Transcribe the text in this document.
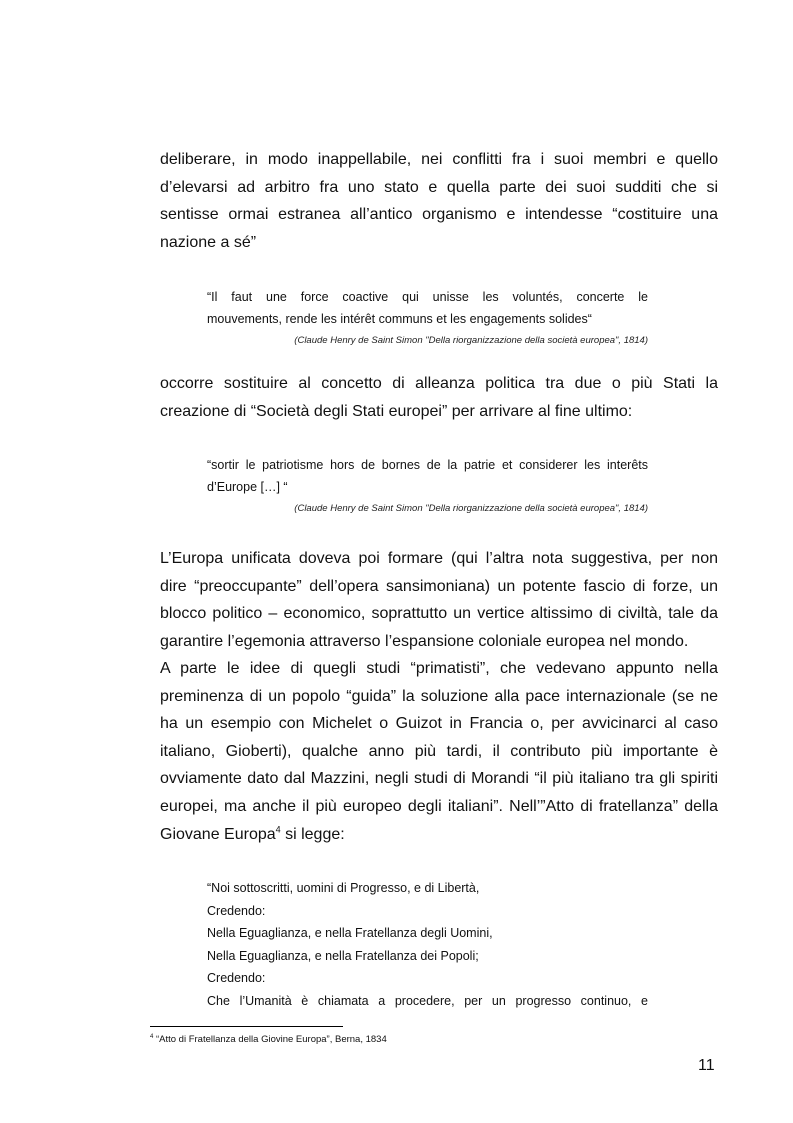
deliberare, in modo inappellabile, nei conflitti fra i suoi membri e quello
d’elevarsi ad arbitro fra uno stato e quella parte dei suoi sudditi che si
sentisse ormai estranea all’antico organismo e intendesse “costituire una
nazione a sé”
“Il faut une force coactive qui unisse les voluntés, concerte le
mouvements, rende les intérêt communs et les engagements solides“
(Claude Henry de Saint Simon "Della riorganizzazione della società europea", 1814)
occorre sostituire al concetto di alleanza politica tra due o più Stati la
creazione di “Società degli Stati europei” per arrivare al fine ultimo:
“sortir le patriotisme hors de bornes de la patrie et considerer les interêts
d’Europe […] “
(Claude Henry de Saint Simon "Della riorganizzazione della società europea", 1814)
L’Europa unificata doveva poi formare (qui l’altra nota suggestiva, per non
dire “preoccupante” dell’opera sansimoniana) un potente fascio di forze, un
blocco politico – economico, soprattutto un vertice altissimo di civiltà, tale da
garantire l’egemonia attraverso l’espansione coloniale europea nel mondo.
A parte le idee di quegli studi “primatisti”, che vedevano appunto nella
preminenza di un popolo “guida” la soluzione alla pace internazionale (se ne
ha un esempio con Michelet o Guizot in Francia o, per avvicinarci al caso
italiano, Gioberti), qualche anno più tardi, il contributo più importante è
ovviamente dato dal Mazzini, negli studi di Morandi “il più italiano tra gli spiriti
europei, ma anche il più europeo degli italiani”. Nell’”Atto di fratellanza” della
Giovane Europa$^4$ si legge:
“Noi sottoscritti, uomini di Progresso, e di Libertà,
Credendo:
Nella Eguaglianza, e nella Fratellanza degli Uomini,
Nella Eguaglianza, e nella Fratellanza dei Popoli;
Credendo:
Che l’Umanità è chiamata a procedere, per un progresso continuo, e
$^4$ “Atto di Fratellanza della Giovine Europa”, Berna, 1834
11
